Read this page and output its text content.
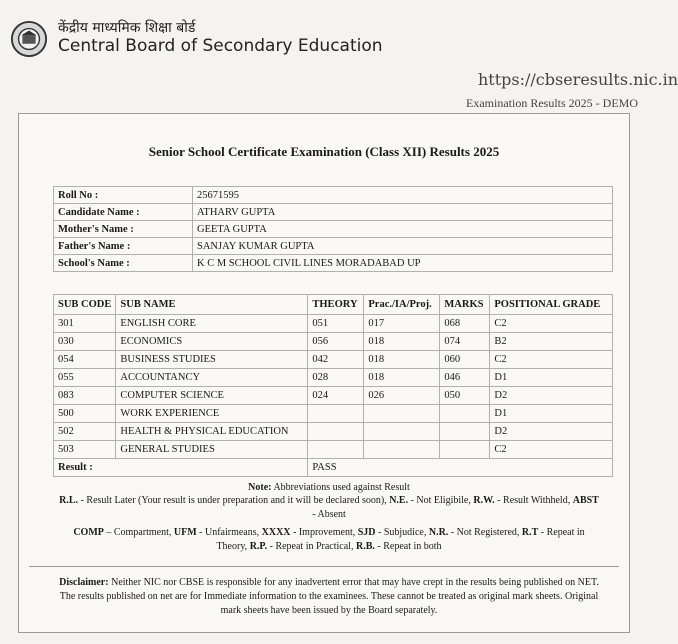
केंद्रीय माध्यमिक शिक्षा बोर्ड
Central Board of Secondary Education
https://cbseresults.nic.in
Examination Results 2025 - DEMO
Senior School Certificate Examination (Class XII) Results 2025
Roll No :	25671595
Candidate Name :	ATHARV GUPTA
Mother's Name :	GEETA GUPTA
Father's Name :	SANJAY KUMAR GUPTA
School's Name :	K C M SCHOOL CIVIL LINES MORADABAD UP
SUB CODE	SUB NAME	THEORY	Prac./IA/Proj.	MARKS	POSITIONAL GRADE
301	ENGLISH CORE	051	017	068	C2
030	ECONOMICS	056	018	074	B2
054	BUSINESS STUDIES	042	018	060	C2
055	ACCOUNTANCY	028	018	046	D1
083	COMPUTER SCIENCE	024	026	050	D2
500	WORK EXPERIENCE				D1
502	HEALTH & PHYSICAL EDUCATION				D2
503	GENERAL STUDIES				C2
Result :		PASS			
Note: Abbreviations used against Result
R.L. - Result Later (Your result is under preparation and it will be declared soon), N.E. - Not Eligibile, R.W. - Result Withheld, ABST - Absent
COMP – Compartment, UFM - Unfairmeans, XXXX - Improvement, SJD - Subjudice, N.R. - Not Registered, R.T - Repeat in Theory, R.P. - Repeat in Practical, R.B. - Repeat in both
Disclaimer: Neither NIC nor CBSE is responsible for any inadvertent error that may have crept in the results being published on NET. The results published on net are for Immediate information to the examinees. These cannot be treated as original mark sheets. Original mark sheets have been issued by the Board separately.
